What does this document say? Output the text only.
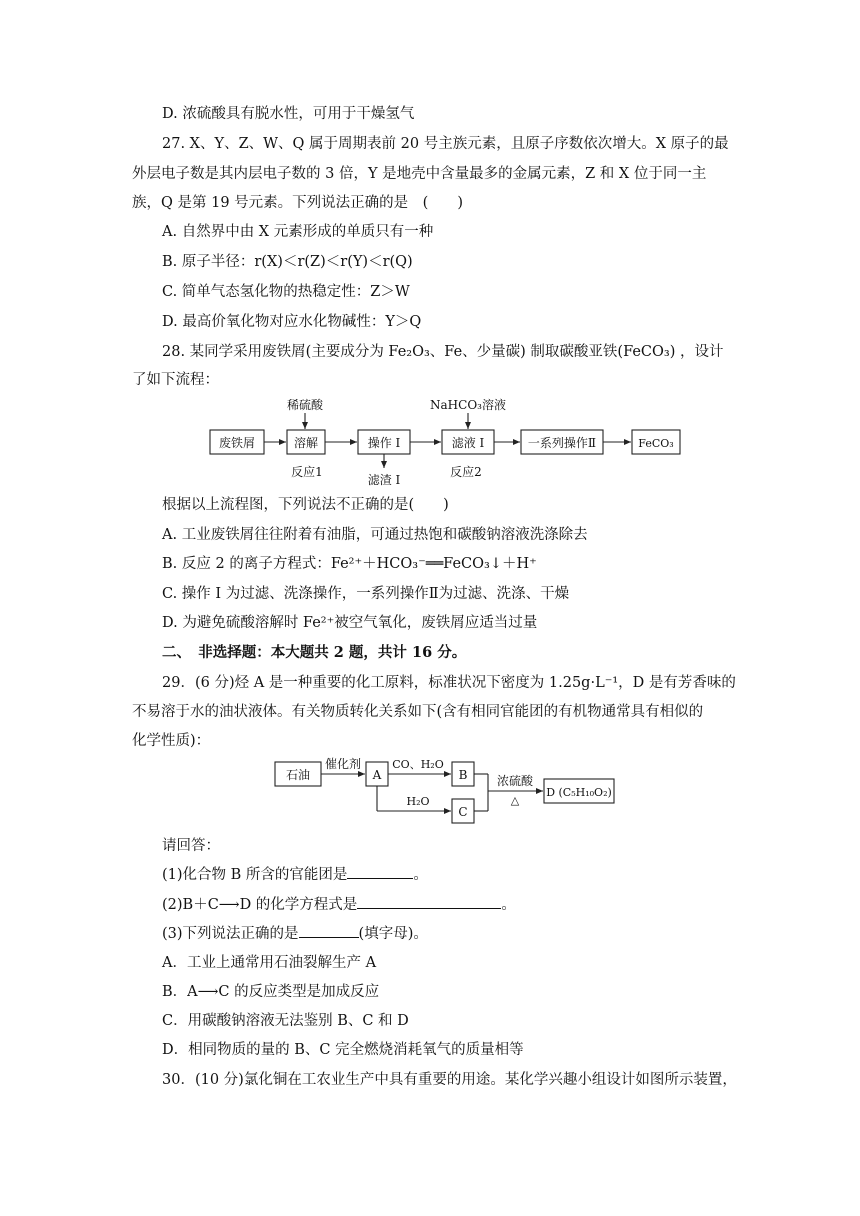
D. 浓硫酸具有脱水性，可用于干燥氢气

27. X、Y、Z、W、Q 属于周期表前 20 号主族元素，且原子序数依次增大。X 原子的最

外层电子数是其内层电子数的 3 倍，Y 是地壳中含量最多的金属元素，Z 和 X 位于同一主

族，Q 是第 19 号元素。下列说法正确的是　(　　)

A. 自然界中由 X 元素形成的单质只有一种

B. 原子半径：r(X)＜r(Z)＜r(Y)＜r(Q)

C. 简单气态氢化物的热稳定性：Z＞W

D. 最高价氧化物对应水化物碱性：Y＞Q

28. 某同学采用废铁屑(主要成分为 Fe₂O₃、Fe、少量碳) 制取碳酸亚铁(FeCO₃) ，设计

了如下流程：

稀硫酸	NaHCO₃溶液
废铁屑	溶解	操作 I	滤液 I	一系列操作Ⅱ	FeCO₃
反应1
滤渣 I
反应2

根据以上流程图，下列说法不正确的是(　　)

A. 工业废铁屑往往附着有油脂，可通过热饱和碳酸钠溶液洗涤除去

B. 反应 2 的离子方程式：Fe²⁺＋HCO₃⁻══FeCO₃↓＋H⁺

C. 操作 I 为过滤、洗涤操作，一系列操作Ⅱ为过滤、洗涤、干燥

D. 为避免硫酸溶解时 Fe²⁺被空气氧化，废铁屑应适当过量

二、　非选择题：本大题共 2 题，共计 16 分。

29．(6 分)烃 A 是一种重要的化工原料，标准状况下密度为 1.25g·L⁻¹，D 是有芳香味的

不易溶于水的油状液体。有关物质转化关系如下(含有相同官能团的有机物通常具有相似的

化学性质)：

石油
催化剂
A
CO、H₂O
B
H₂O
C
浓硫酸
△
D (C₅H₁₀O₂)

请回答：

(1)化合物 B 所含的官能团是	。

(2)B＋C⟶D 的化学方程式是	。

(3)下列说法正确的是	(填字母)。

A．工业上通常用石油裂解生产 A

B．A⟶C 的反应类型是加成反应

C．用碳酸钠溶液无法鉴别 B、C 和 D

D．相同物质的量的 B、C 完全燃烧消耗氧气的质量相等

30．(10 分)氯化铜在工农业生产中具有重要的用途。某化学兴趣小组设计如图所示装置，
